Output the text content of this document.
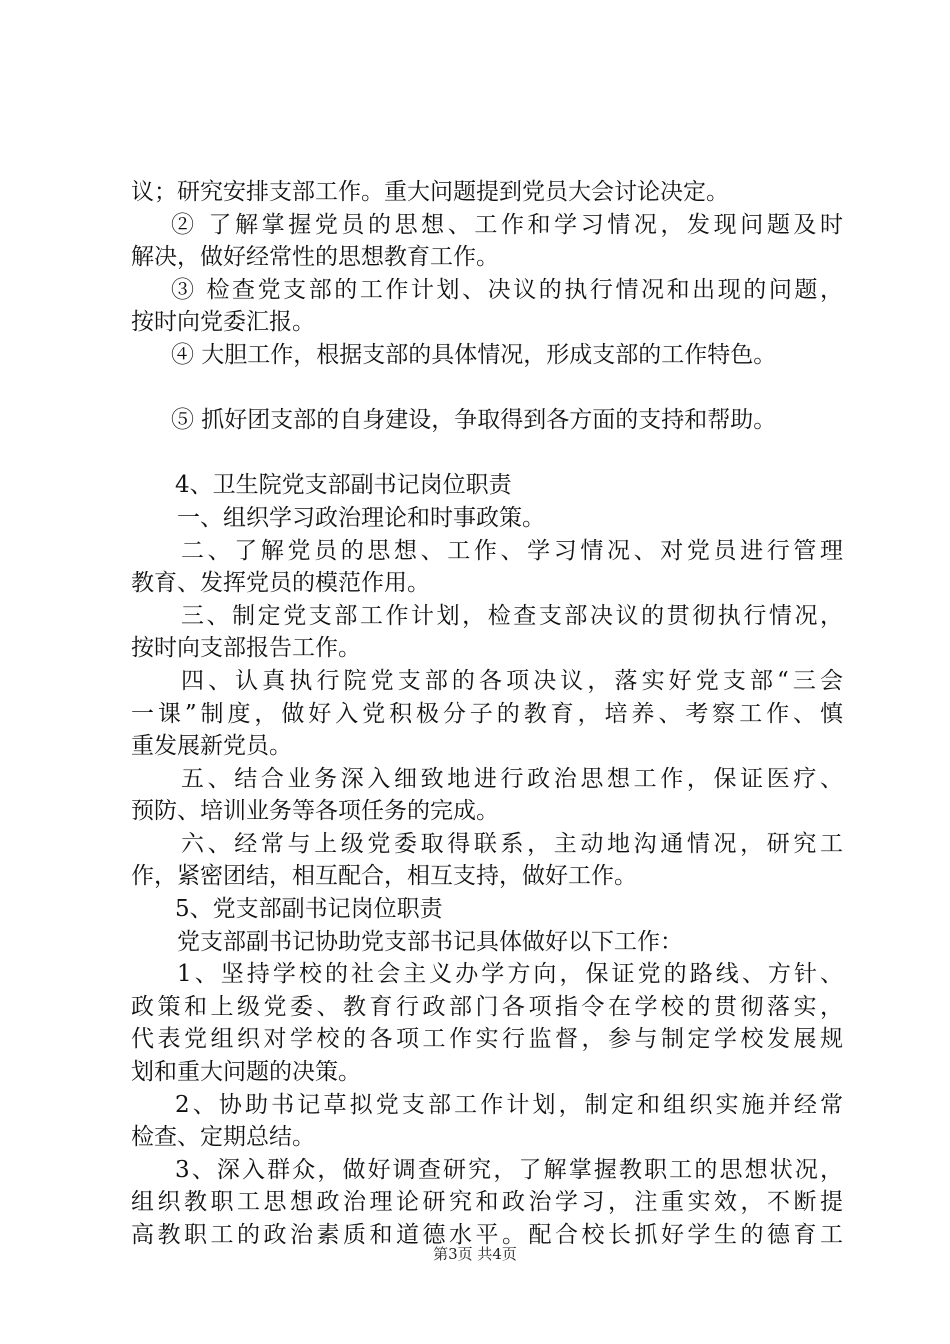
议；研究安排支部工作。重大问题提到党员大会讨论决定。
② 了解掌握党员的思想、工作和学习情况，发现问题及时
解决，做好经常性的思想教育工作。
③ 检查党支部的工作计划、决议的执行情况和出现的问题，
按时向党委汇报。
④ 大胆工作，根据支部的具体情况，形成支部的工作特色。
⑤ 抓好团支部的自身建设，争取得到各方面的支持和帮助。
4、卫生院党支部副书记岗位职责
一、组织学习政治理论和时事政策。
二、了解党员的思想、工作、学习情况、对党员进行管理
教育、发挥党员的模范作用。
三、制定党支部工作计划，检查支部决议的贯彻执行情况，
按时向支部报告工作。
四、认真执行院党支部的各项决议，落实好党支部“三会
一课”制度，做好入党积极分子的教育，培养、考察工作、慎
重发展新党员。
五、结合业务深入细致地进行政治思想工作，保证医疗、
预防、培训业务等各项任务的完成。
六、经常与上级党委取得联系，主动地沟通情况，研究工
作，紧密团结，相互配合，相互支持，做好工作。
5、党支部副书记岗位职责
党支部副书记协助党支部书记具体做好以下工作：
1、坚持学校的社会主义办学方向，保证党的路线、方针、
政策和上级党委、教育行政部门各项指令在学校的贯彻落实，
代表党组织对学校的各项工作实行监督，参与制定学校发展规
划和重大问题的决策。
2、协助书记草拟党支部工作计划，制定和组织实施并经常
检查、定期总结。
3、深入群众，做好调查研究，了解掌握教职工的思想状况，
组织教职工思想政治理论研究和政治学习，注重实效，不断提
高教职工的政治素质和道德水平。配合校长抓好学生的德育工
第3页 共4页
